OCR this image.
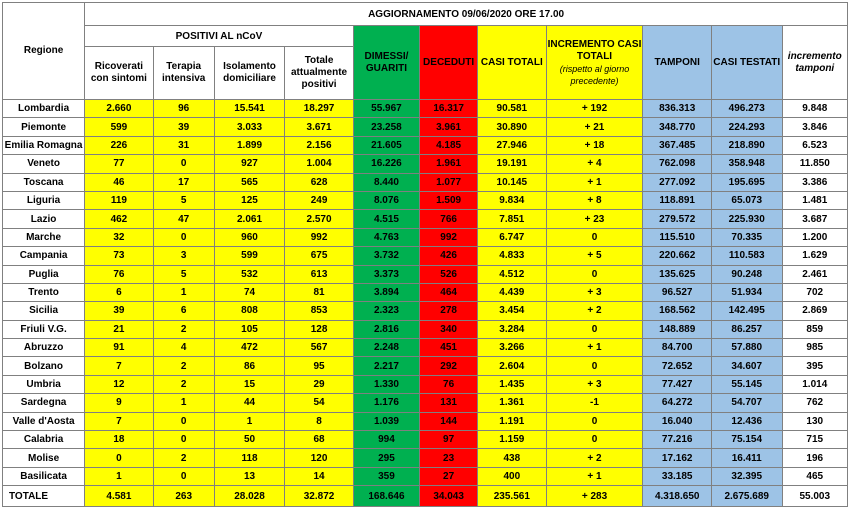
Regione	AGGIORNAMENTO 09/06/2020 ORE 17.00										
	POSITIVI AL nCoV				DIMESSI/ GUARITI	DECEDUTI	CASI TOTALI	INCREMENTO CASI TOTALI
(rispetto al giorno precedente)	TAMPONI	CASI TESTATI	incremento tamponi
	Ricoverati con sintomi	Terapia intensiva	Isolamento domiciliare	Totale attualmente positivi							
Lombardia	2.660	96	15.541	18.297	55.967	16.317	90.581	+ 192	836.313	496.273	9.848
Piemonte	599	39	3.033	3.671	23.258	3.961	30.890	+ 21	348.770	224.293	3.846
Emilia Romagna	226	31	1.899	2.156	21.605	4.185	27.946	+ 18	367.485	218.890	6.523
Veneto	77	0	927	1.004	16.226	1.961	19.191	+ 4	762.098	358.948	11.850
Toscana	46	17	565	628	8.440	1.077	10.145	+ 1	277.092	195.695	3.386
Liguria	119	5	125	249	8.076	1.509	9.834	+ 8	118.891	65.073	1.481
Lazio	462	47	2.061	2.570	4.515	766	7.851	+ 23	279.572	225.930	3.687
Marche	32	0	960	992	4.763	992	6.747	0	115.510	70.335	1.200
Campania	73	3	599	675	3.732	426	4.833	+ 5	220.662	110.583	1.629
Puglia	76	5	532	613	3.373	526	4.512	0	135.625	90.248	2.461
Trento	6	1	74	81	3.894	464	4.439	+ 3	96.527	51.934	702
Sicilia	39	6	808	853	2.323	278	3.454	+ 2	168.562	142.495	2.869
Friuli V.G.	21	2	105	128	2.816	340	3.284	0	148.889	86.257	859
Abruzzo	91	4	472	567	2.248	451	3.266	+ 1	84.700	57.880	985
Bolzano	7	2	86	95	2.217	292	2.604	0	72.652	34.607	395
Umbria	12	2	15	29	1.330	76	1.435	+ 3	77.427	55.145	1.014
Sardegna	9	1	44	54	1.176	131	1.361	-1	64.272	54.707	762
Valle d'Aosta	7	0	1	8	1.039	144	1.191	0	16.040	12.436	130
Calabria	18	0	50	68	994	97	1.159	0	77.216	75.154	715
Molise	0	2	118	120	295	23	438	+ 2	17.162	16.411	196
Basilicata	1	0	13	14	359	27	400	+ 1	33.185	32.395	465
TOTALE	4.581	263	28.028	32.872	168.646	34.043	235.561	+ 283	4.318.650	2.675.689	55.003
